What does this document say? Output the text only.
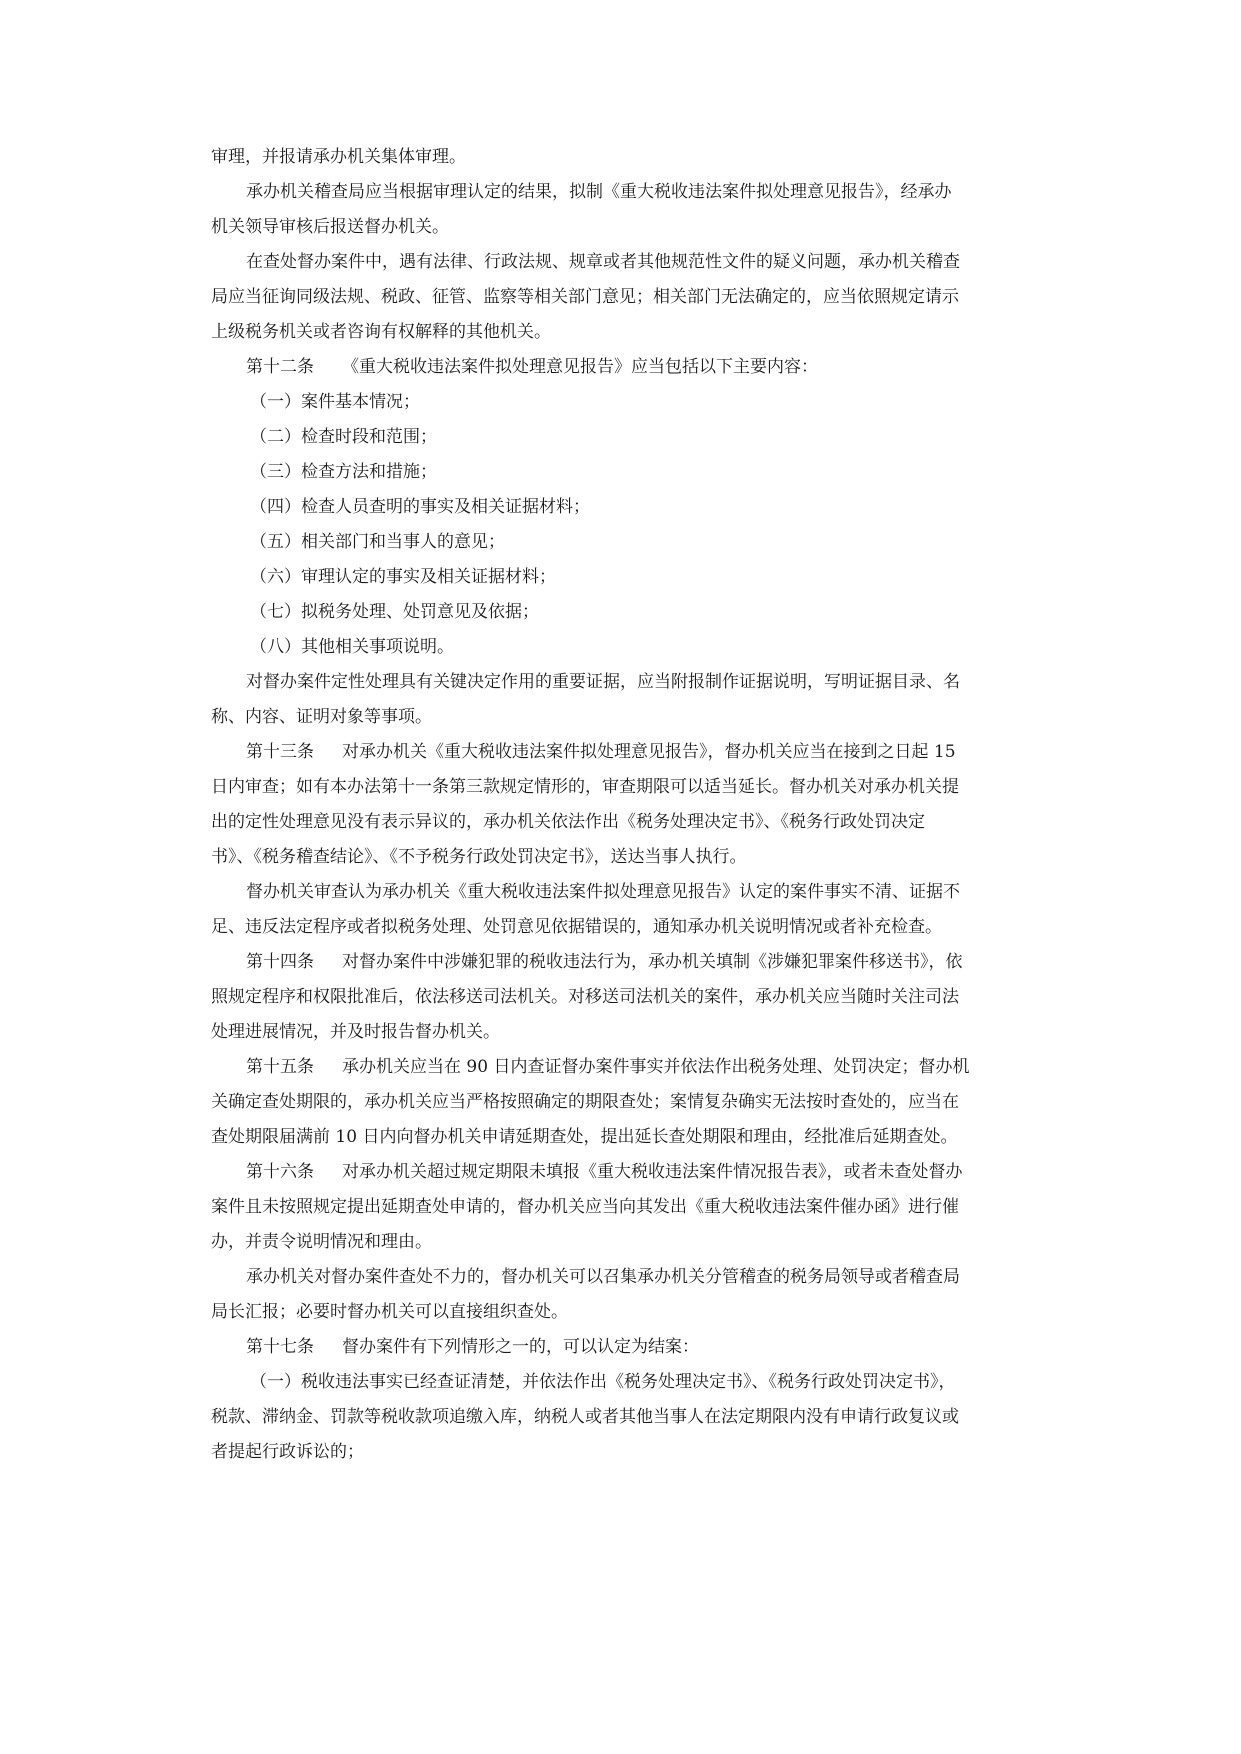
审理，并报请承办机关集体审理。

承办机关稽查局应当根据审理认定的结果，拟制《重大税收违法案件拟处理意见报告》，经承办

机关领导审核后报送督办机关。

在查处督办案件中，遇有法律、行政法规、规章或者其他规范性文件的疑义问题，承办机关稽查

局应当征询同级法规、税政、征管、监察等相关部门意见；相关部门无法确定的，应当依照规定请示

上级税务机关或者咨询有权解释的其他机关。

第十二条 《重大税收违法案件拟处理意见报告》应当包括以下主要内容：

（一）案件基本情况；

（二）检查时段和范围；

（三）检查方法和措施；

（四）检查人员查明的事实及相关证据材料；

（五）相关部门和当事人的意见；

（六）审理认定的事实及相关证据材料；

（七）拟税务处理、处罚意见及依据；

（八）其他相关事项说明。

对督办案件定性处理具有关键决定作用的重要证据，应当附报制作证据说明，写明证据目录、名

称、内容、证明对象等事项。

第十三条 对承办机关《重大税收违法案件拟处理意见报告》，督办机关应当在接到之日起 15

日内审查；如有本办法第十一条第三款规定情形的，审查期限可以适当延长。督办机关对承办机关提

出的定性处理意见没有表示异议的，承办机关依法作出《税务处理决定书》、《税务行政处罚决定

书》、《税务稽查结论》、《不予税务行政处罚决定书》，送达当事人执行。

督办机关审查认为承办机关《重大税收违法案件拟处理意见报告》认定的案件事实不清、证据不

足、违反法定程序或者拟税务处理、处罚意见依据错误的，通知承办机关说明情况或者补充检查。

第十四条 对督办案件中涉嫌犯罪的税收违法行为，承办机关填制《涉嫌犯罪案件移送书》，依

照规定程序和权限批准后，依法移送司法机关。对移送司法机关的案件，承办机关应当随时关注司法

处理进展情况，并及时报告督办机关。

第十五条 承办机关应当在 90 日内查证督办案件事实并依法作出税务处理、处罚决定；督办机

关确定查处期限的，承办机关应当严格按照确定的期限查处；案情复杂确实无法按时查处的，应当在

查处期限届满前 10 日内向督办机关申请延期查处，提出延长查处期限和理由，经批准后延期查处。

第十六条 对承办机关超过规定期限未填报《重大税收违法案件情况报告表》，或者未查处督办

案件且未按照规定提出延期查处申请的，督办机关应当向其发出《重大税收违法案件催办函》进行催

办，并责令说明情况和理由。

承办机关对督办案件查处不力的，督办机关可以召集承办机关分管稽查的税务局领导或者稽查局

局长汇报；必要时督办机关可以直接组织查处。

第十七条 督办案件有下列情形之一的，可以认定为结案：

（一）税收违法事实已经查证清楚，并依法作出《税务处理决定书》、《税务行政处罚决定书》，

税款、滞纳金、罚款等税收款项追缴入库，纳税人或者其他当事人在法定期限内没有申请行政复议或

者提起行政诉讼的；
